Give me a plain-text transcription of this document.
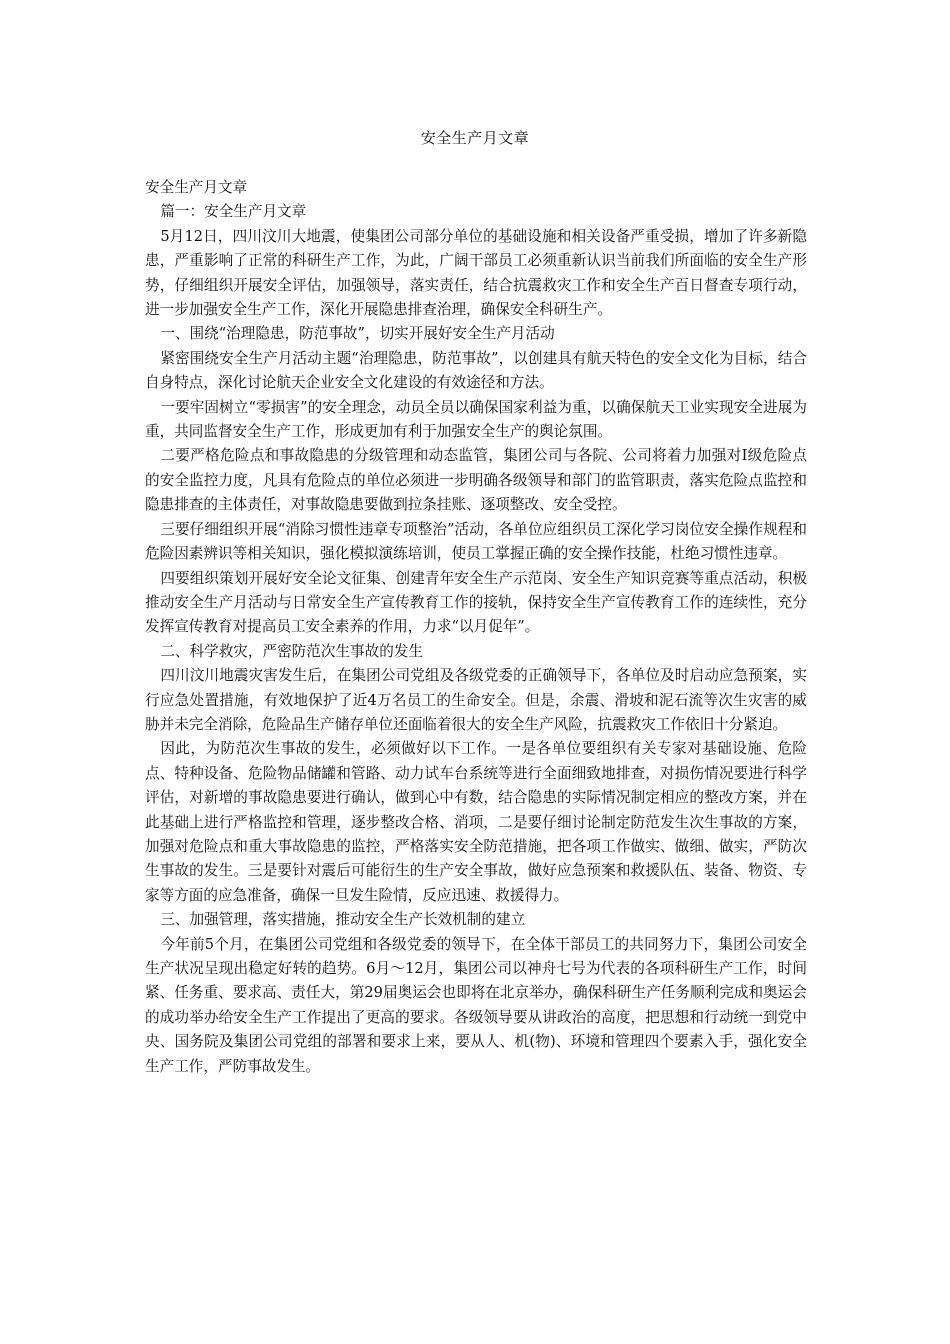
安全生产月文章

安全生产月文章

篇一：安全生产月文章

5月12日，四川汶川大地震，使集团公司部分单位的基础设施和相关设备严重受损，增加了许多新隐患，严重影响了正常的科研生产工作，为此，广阔干部员工必须重新认识当前我们所面临的安全生产形势，仔细组织开展安全评估，加强领导，落实责任，结合抗震救灾工作和安全生产百日督查专项行动，进一步加强安全生产工作，深化开展隐患排查治理，确保安全科研生产。

一、围绕“治理隐患，防范事故”，切实开展好安全生产月活动

紧密围绕安全生产月活动主题“治理隐患，防范事故”，以创建具有航天特色的安全文化为目标，结合自身特点，深化讨论航天企业安全文化建设的有效途径和方法。

一要牢固树立“零损害”的安全理念，动员全员以确保国家利益为重，以确保航天工业实现安全进展为重，共同监督安全生产工作，形成更加有利于加强安全生产的舆论氛围。

二要严格危险点和事故隐患的分级管理和动态监管，集团公司与各院、公司将着力加强对Ⅰ级危险点的安全监控力度，凡具有危险点的单位必须进一步明确各级领导和部门的监管职责，落实危险点监控和隐患排查的主体责任，对事故隐患要做到拉条挂账、逐项整改、安全受控。

三要仔细组织开展“消除习惯性违章专项整治”活动，各单位应组织员工深化学习岗位安全操作规程和危险因素辨识等相关知识，强化模拟演练培训，使员工掌握正确的安全操作技能，杜绝习惯性违章。

四要组织策划开展好安全论文征集、创建青年安全生产示范岗、安全生产知识竞赛等重点活动，积极推动安全生产月活动与日常安全生产宣传教育工作的接轨，保持安全生产宣传教育工作的连续性，充分发挥宣传教育对提高员工安全素养的作用，力求“以月促年”。

二、科学救灾，严密防范次生事故的发生

四川汶川地震灾害发生后，在集团公司党组及各级党委的正确领导下，各单位及时启动应急预案，实行应急处置措施，有效地保护了近4万名员工的生命安全。但是，余震、滑坡和泥石流等次生灾害的威胁并未完全消除，危险品生产储存单位还面临着很大的安全生产风险，抗震救灾工作依旧十分紧迫。

因此，为防范次生事故的发生，必须做好以下工作。一是各单位要组织有关专家对基础设施、危险点、特种设备、危险物品储罐和管路、动力试车台系统等进行全面细致地排查，对损伤情况要进行科学评估，对新增的事故隐患要进行确认，做到心中有数，结合隐患的实际情况制定相应的整改方案，并在此基础上进行严格监控和管理，逐步整改合格、消项，二是要仔细讨论制定防范发生次生事故的方案，加强对危险点和重大事故隐患的监控，严格落实安全防范措施，把各项工作做实、做细、做实，严防次生事故的发生。三是要针对震后可能衍生的生产安全事故，做好应急预案和救援队伍、装备、物资、专家等方面的应急准备，确保一旦发生险情，反应迅速、救援得力。

三、加强管理，落实措施，推动安全生产长效机制的建立

今年前5个月，在集团公司党组和各级党委的领导下，在全体干部员工的共同努力下，集团公司安全生产状况呈现出稳定好转的趋势。6月～12月，集团公司以神舟七号为代表的各项科研生产工作，时间紧、任务重、要求高、责任大，第29届奥运会也即将在北京举办，确保科研生产任务顺利完成和奥运会的成功举办给安全生产工作提出了更高的要求。各级领导要从讲政治的高度，把思想和行动统一到党中央、国务院及集团公司党组的部署和要求上来，要从人、机(物)、环境和管理四个要素入手，强化安全生产工作，严防事故发生。
